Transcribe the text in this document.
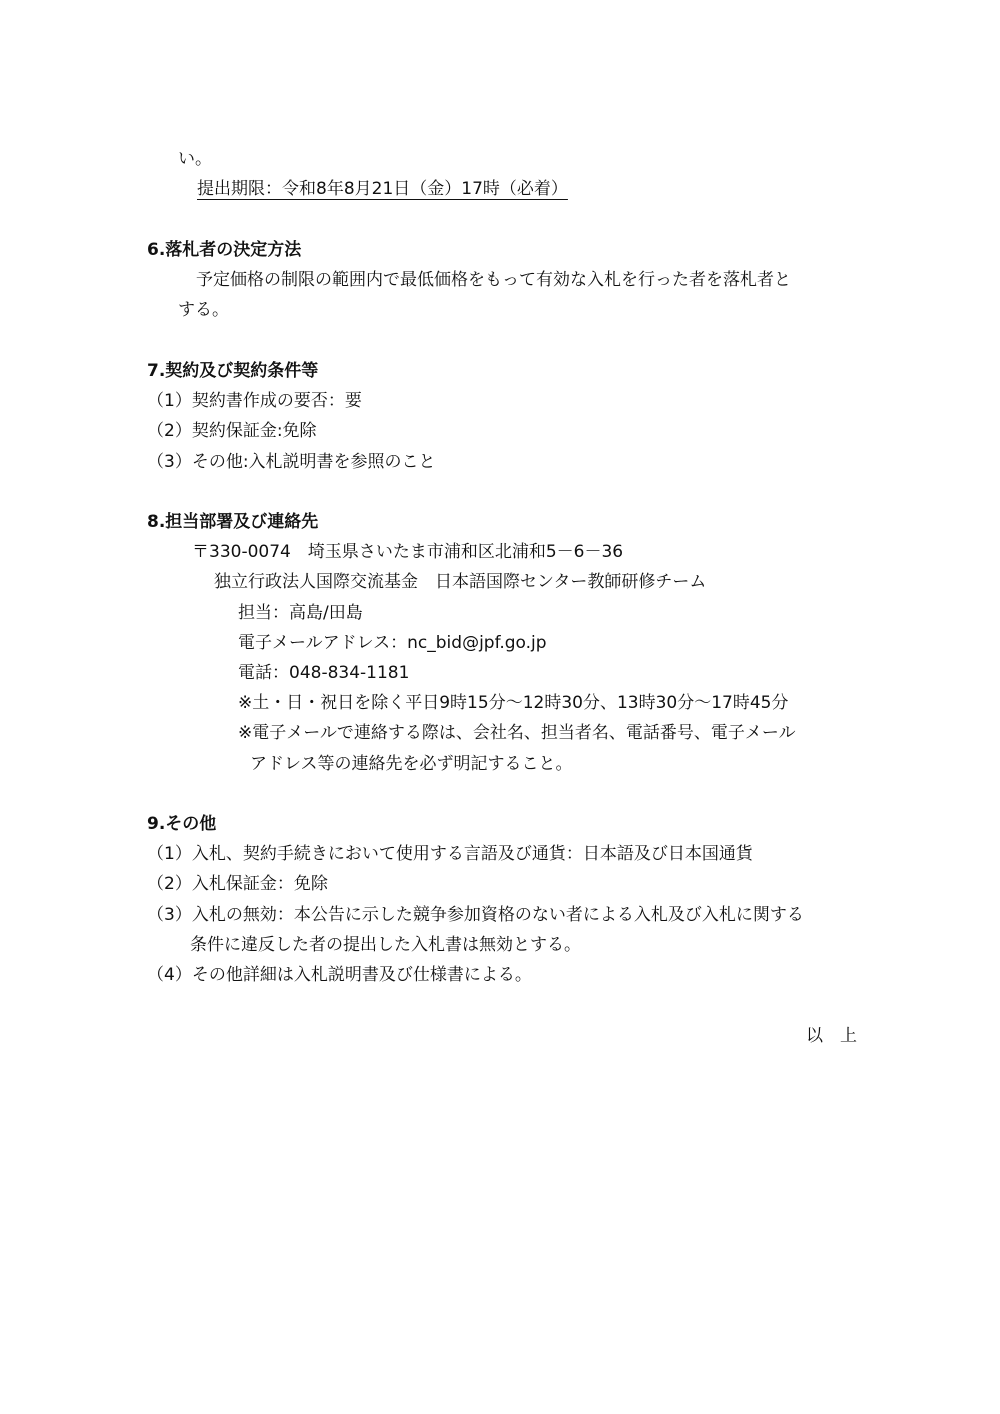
い。
提出期限：令和8年8月21日（金）17時（必着）
6.落札者の決定方法
予定価格の制限の範囲内で最低価格をもって有効な入札を行った者を落札者と
する。
7.契約及び契約条件等
（1）契約書作成の要否：要
（2）契約保証金:免除
（3）その他:入札説明書を参照のこと
8.担当部署及び連絡先
〒330-0074　埼玉県さいたま市浦和区北浦和5－6－36
独立行政法人国際交流基金　日本語国際センター教師研修チーム
担当：高島/田島
電子メールアドレス：nc_bid@jpf.go.jp
電話：048-834-1181
※土・日・祝日を除く平日9時15分～12時30分、13時30分～17時45分
※電子メールで連絡する際は、会社名、担当者名、電話番号、電子メール
アドレス等の連絡先を必ず明記すること。
9.その他
（1）入札、契約手続きにおいて使用する言語及び通貨：日本語及び日本国通貨
（2）入札保証金：免除
（3）入札の無効：本公告に示した競争参加資格のない者による入札及び入札に関する
条件に違反した者の提出した入札書は無効とする。
（4）その他詳細は入札説明書及び仕様書による。
以　上
